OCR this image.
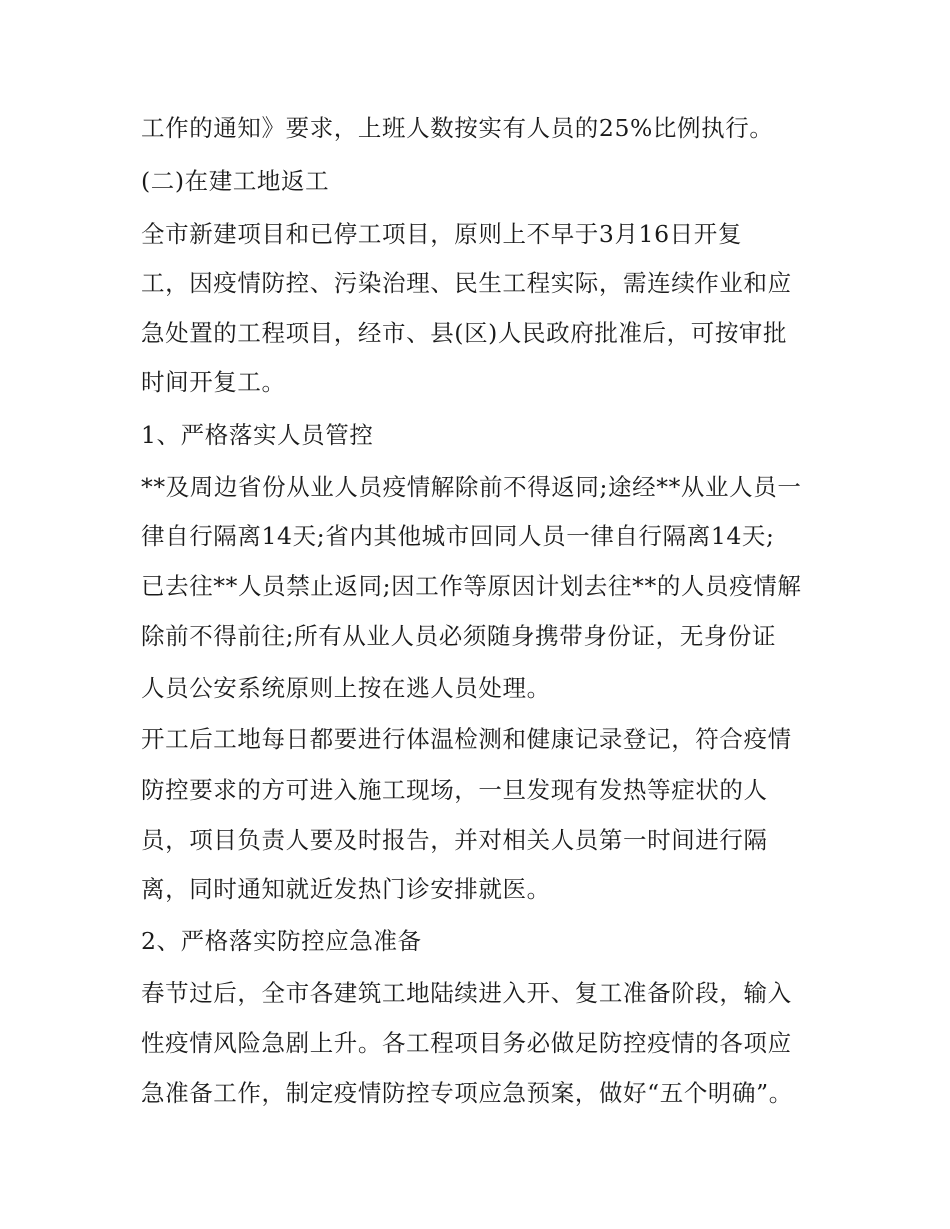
工作的通知》要求，上班人数按实有人员的25%比例执行。
(二)在建工地返工
全市新建项目和已停工项目，原则上不早于3月16日开复
工，因疫情防控、污染治理、民生工程实际，需连续作业和应
急处置的工程项目，经市、县(区)人民政府批准后，可按审批
时间开复工。
1、严格落实人员管控
**及周边省份从业人员疫情解除前不得返同;途经**从业人员一
律自行隔离14天;省内其他城市回同人员一律自行隔离14天;
已去往**人员禁止返同;因工作等原因计划去往**的人员疫情解
除前不得前往;所有从业人员必须随身携带身份证，无身份证
人员公安系统原则上按在逃人员处理。
开工后工地每日都要进行体温检测和健康记录登记，符合疫情
防控要求的方可进入施工现场，一旦发现有发热等症状的人
员，项目负责人要及时报告，并对相关人员第一时间进行隔
离，同时通知就近发热门诊安排就医。
2、严格落实防控应急准备
春节过后，全市各建筑工地陆续进入开、复工准备阶段，输入
性疫情风险急剧上升。各工程项目务必做足防控疫情的各项应
急准备工作，制定疫情防控专项应急预案，做好“五个明确”。
